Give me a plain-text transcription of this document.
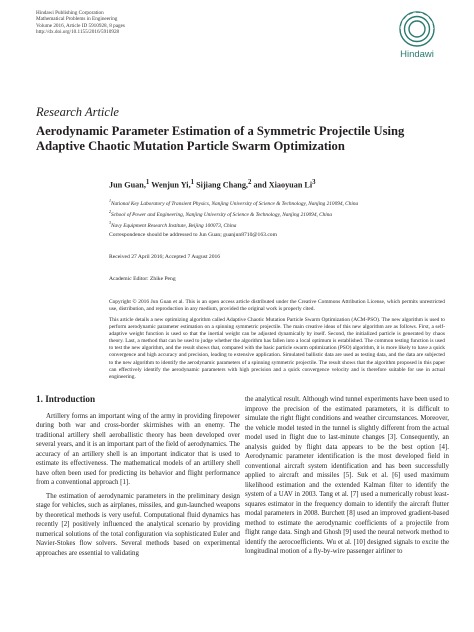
Hindawi Publishing Corporation
Mathematical Problems in Engineering
Volume 2016, Article ID 5910928, 8 pages
http://dx.doi.org/10.1155/2016/5910928
Hindawi
Research Article
Aerodynamic Parameter Estimation of a Symmetric Projectile Using Adaptive Chaotic Mutation Particle Swarm Optimization
Jun Guan,$^1$ Wenjun Yi,$^1$ Sijiang Chang,$^2$ and Xiaoyuan Li$^3$
$^1$National Key Laboratory of Transient Physics, Nanjing University of Science & Technology, Nanjing 210094, China
$^2$School of Power and Engineering, Nanjing University of Science & Technology, Nanjing 210094, China
$^3$Navy Equipment Research Institute, Beijing 100073, China
Correspondence should be addressed to Jun Guan; guanjun8710@163.com
Received 27 April 2016; Accepted 7 August 2016
Academic Editor: Zhike Peng
Copyright © 2016 Jun Guan et al. This is an open access article distributed under the Creative Commons Attribution License, which permits unrestricted use, distribution, and reproduction in any medium, provided the original work is properly cited.
This article details a new optimizing algorithm called Adaptive Chaotic Mutation Particle Swarm Optimization (ACM-PSO). The new algorithm is used to perform aerodynamic parameter estimation on a spinning symmetric projectile. The main creative ideas of this new algorithm are as follows. First, a self-adaptive weight function is used so that the inertial weight can be adjusted dynamically by itself. Second, the initialized particle is generated by chaos theory. Last, a method that can be used to judge whether the algorithm has fallen into a local optimum is established. The common testing function is used to test the new algorithm, and the result shows that, compared with the basic particle swarm optimization (PSO) algorithm, it is more likely to have a quick convergence and high accuracy and precision, leading to extensive application. Simulated ballistic data are used as testing data, and the data are subjected to the new algorithm to identify the aerodynamic parameters of a spinning symmetric projectile. The result shows that the algorithm proposed in this paper can effectively identify the aerodynamic parameters with high precision and a quick convergence velocity and is therefore suitable for use in actual engineering.
1. Introduction

Artillery forms an important wing of the army in providing firepower during both war and cross-border skirmishes with an enemy. The traditional artillery shell aeroballistic theory has been developed over several years, and it is an important part of the field of aerodynamics. The accuracy of an artillery shell is an important indicator that is used to estimate its effectiveness. The mathematical models of an artillery shell have often been used for predicting its behavior and flight performance from a conventional approach [1].

The estimation of aerodynamic parameters in the preliminary design stage for vehicles, such as airplanes, missiles, and gun-launched weapons by theoretical methods is very useful. Computational fluid dynamics has recently [2] positively influenced the analytical scenario by providing numerical solutions of the total configuration via sophisticated Euler and Navier-Stokes flow solvers. Several methods based on experimental approaches are essential to validating

the analytical result. Although wind tunnel experiments have been used to improve the precision of the estimated parameters, it is difficult to simulate the right flight conditions and weather circumstances. Moreover, the vehicle model tested in the tunnel is slightly different from the actual model used in flight due to last-minute changes [3]. Consequently, an analysis guided by flight data appears to be the best option [4]. Aerodynamic parameter identification is the most developed field in conventional aircraft system identification and has been successfully applied to aircraft and missiles [5]. Suk et al. [6] used maximum likelihood estimation and the extended Kalman filter to identify the system of a UAV in 2003. Tang et al. [7] used a numerically robust least-squares estimator in the frequency domain to identify the aircraft flutter modal parameters in 2008. Burchett [8] used an improved gradient-based method to estimate the aerodynamic coefficients of a projectile from flight range data. Singh and Ghosh [9] used the neural network method to identify the aerocoefficients. Wu et al. [10] designed signals to excite the longitudinal motion of a fly-by-wire passenger airliner to
